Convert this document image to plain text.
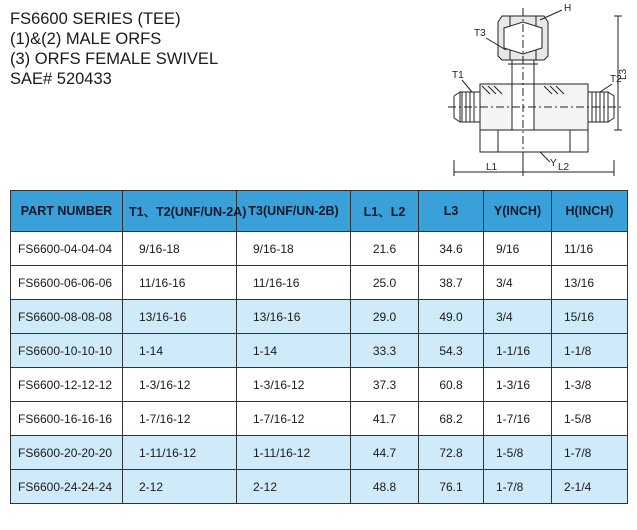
FS6600 SERIES (TEE)
(1)&(2) MALE ORFS
(3) ORFS FEMALE SWIVEL
SAE# 520433
H
T3
T1	T2
L3
Y
L1	L2
PART NUMBER	T1、T2(UNF/UN-2A)	T3(UNF/UN-2B)	L1、L2	L3	Y(INCH)	H(INCH)
FS6600-04-04-04	9/16-18	9/16-18	21.6	34.6	9/16	11/16
FS6600-06-06-06	11/16-16	11/16-16	25.0	38.7	3/4	13/16
FS6600-08-08-08	13/16-16	13/16-16	29.0	49.0	3/4	15/16
FS6600-10-10-10	1-14	1-14	33.3	54.3	1-1/16	1-1/8
FS6600-12-12-12	1-3/16-12	1-3/16-12	37.3	60.8	1-3/16	1-3/8
FS6600-16-16-16	1-7/16-12	1-7/16-12	41.7	68.2	1-7/16	1-5/8
FS6600-20-20-20	1-11/16-12	1-11/16-12	44.7	72.8	1-5/8	1-7/8
FS6600-24-24-24	2-12	2-12	48.8	76.1	1-7/8	2-1/4
